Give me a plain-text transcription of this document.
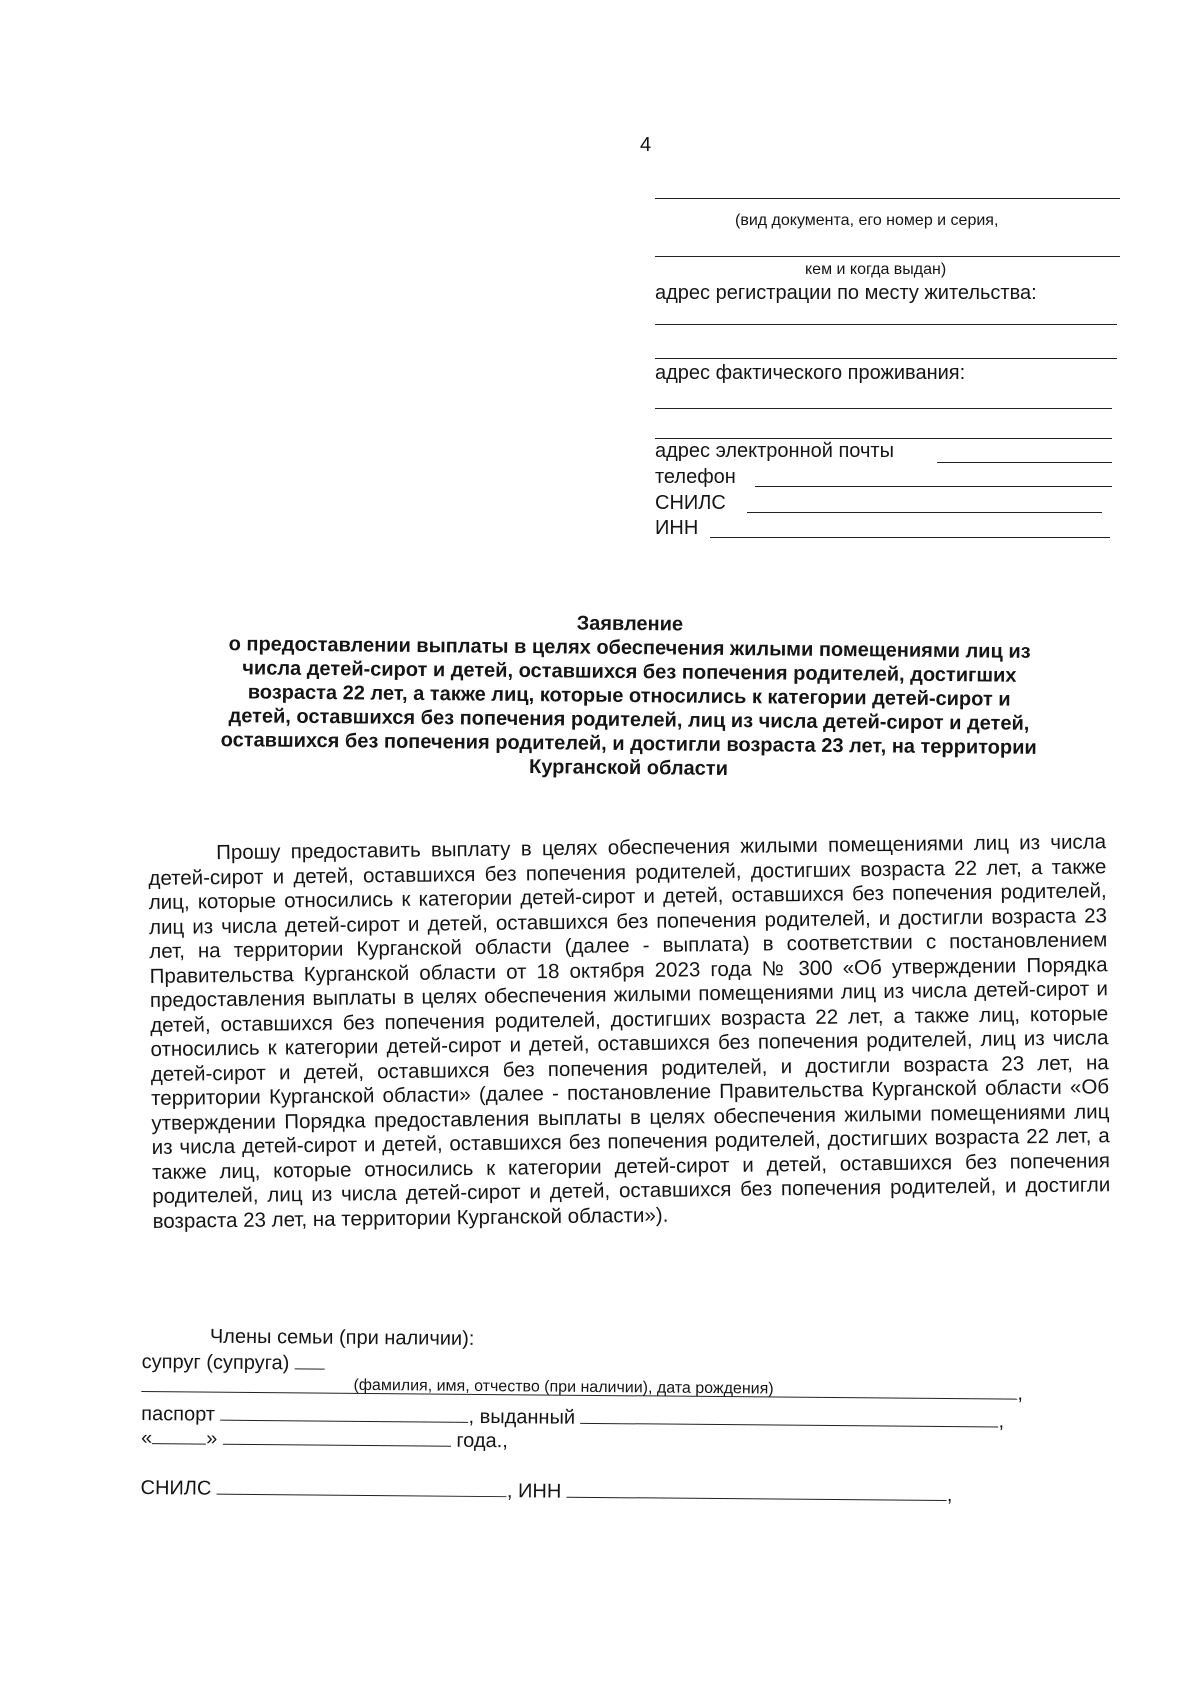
4
(вид документа, его номер и серия,
кем и когда выдан)
адрес регистрации по месту жительства:
адрес фактического проживания:
адрес электронной почты
телефон
СНИЛС
ИНН
Заявление
о предоставлении выплаты в целях обеспечения жилыми помещениями лиц из
числа детей-сирот и детей, оставшихся без попечения родителей, достигших
возраста 22 лет, а также лиц, которые относились к категории детей-сирот и
детей, оставшихся без попечения родителей, лиц из числа детей-сирот и детей,
оставшихся без попечения родителей, и достигли возраста 23 лет, на территории
Курганской области

Прошу предоставить выплату в целях обеспечения жилыми помещениями лиц из числа детей-сирот и детей, оставшихся без попечения родителей, достигших возраста 22 лет, а также лиц, которые относились к категории детей-сирот и детей, оставшихся без попечения родителей, лиц из числа детей-сирот и детей, оставшихся без попечения родителей, и достигли возраста 23 лет, на территории Курганской области (далее - выплата) в соответствии с постановлением Правительства Курганской области от 18 октября 2023 года № 300 «Об утверждении Порядка предоставления выплаты в целях обеспечения жилыми помещениями лиц из числа детей-сирот и детей, оставшихся без попечения родителей, достигших возраста 22 лет, а также лиц, которые относились к категории детей-сирот и детей, оставшихся без попечения родителей, лиц из числа детей-сирот и детей, оставшихся без попечения родителей, и достигли возраста 23 лет, на территории Курганской области» (далее - постановление Правительства Курганской области «Об утверждении Порядка предоставления выплаты в целях обеспечения жилыми помещениями лиц из числа детей-сирот и детей, оставшихся без попечения родителей, достигших возраста 22 лет, а также лиц, которые относились к категории детей-сирот и детей, оставшихся без попечения родителей, лиц из числа детей-сирот и детей, оставшихся без попечения родителей, и достигли возраста 23 лет, на территории Курганской области»).

Члены семьи (при наличии):
супруг (супруга)
,
(фамилия, имя, отчество (при наличии), дата рождения)
паспорт	, выданный	,
«	»	года.,
СНИЛС	, ИНН	,
